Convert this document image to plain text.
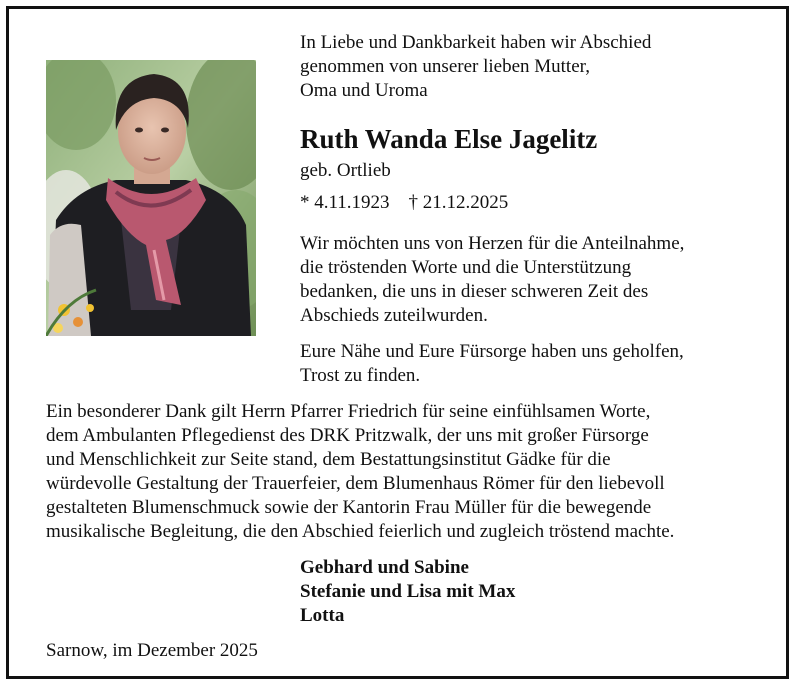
In Liebe und Dankbarkeit haben wir Abschied
genommen von unserer lieben Mutter,
Oma und Uroma

Ruth Wanda Else Jagelitz

geb. Ortlieb

* 4.11.1923 † 21.12.2025

Wir möchten uns von Herzen für die Anteilnahme,
die tröstenden Worte und die Unterstützung
bedanken, die uns in dieser schweren Zeit des
Abschieds zuteilwurden.

Eure Nähe und Eure Fürsorge haben uns geholfen,
Trost zu finden.

Ein besonderer Dank gilt Herrn Pfarrer Friedrich für seine einfühlsamen Worte,
dem Ambulanten Pflegedienst des DRK Pritzwalk, der uns mit großer Fürsorge
und Menschlichkeit zur Seite stand, dem Bestattungsinstitut Gädke für die
würdevolle Gestaltung der Trauerfeier, dem Blumenhaus Römer für den liebevoll
gestalteten Blumenschmuck sowie der Kantorin Frau Müller für die bewegende
musikalische Begleitung, die den Abschied feierlich und zugleich tröstend machte.

Gebhard und Sabine
Stefanie und Lisa mit Max
Lotta

Sarnow, im Dezember 2025
